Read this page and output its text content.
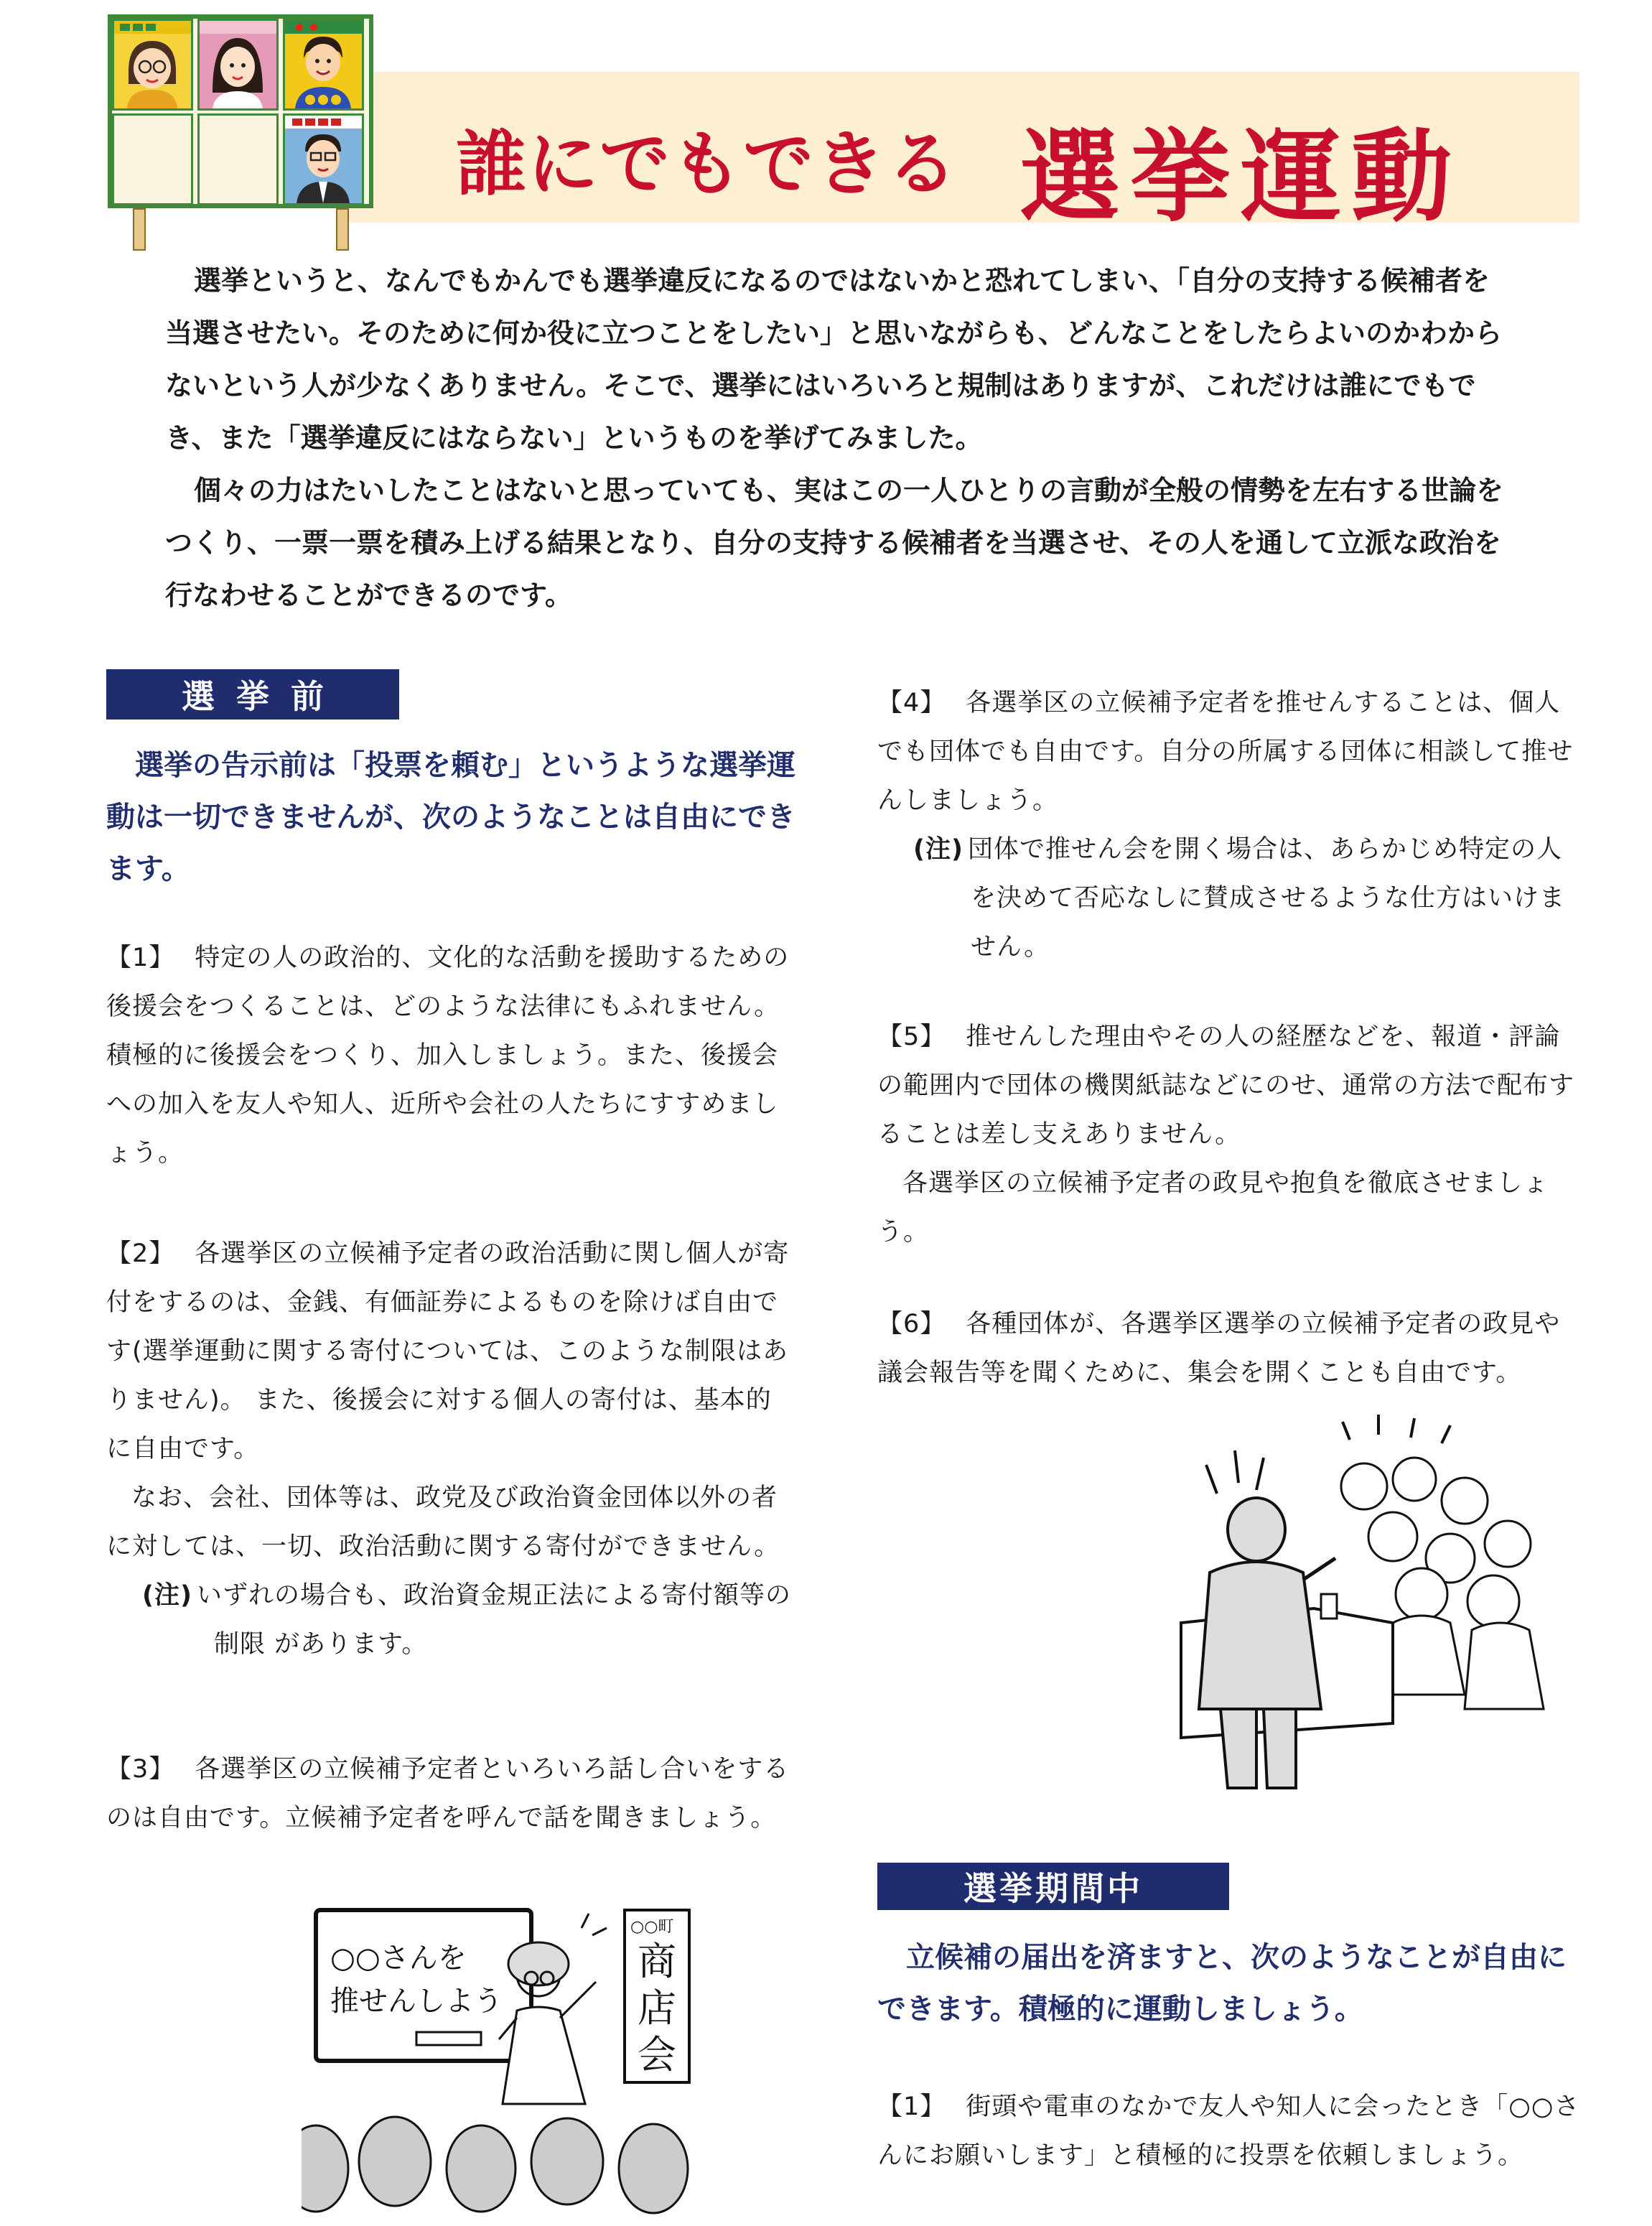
誰にでもできる 選挙運動

選挙というと、なんでもかんでも選挙違反になるのではないかと恐れてしまい、「自分の支持する候補者を当選させたい。そのために何か役に立つことをしたい」と思いながらも、どんなことをしたらよいのかわからないという人が少なくありません。そこで、選挙にはいろいろと規制はありますが、これだけは誰にでもでき、また「選挙違反にはならない」というものを挙げてみました。

個々の力はたいしたことはないと思っていても、実はこの一人ひとりの言動が全般の情勢を左右する世論をつくり、一票一票を積み上げる結果となり、自分の支持する候補者を当選させ、その人を通して立派な政治を行なわせることができるのです。

選挙前

選挙の告示前は「投票を頼む」というような選挙運動は一切できませんが、次のようなことは自由にできます。

【1】 特定の人の政治的、文化的な活動を援助するための後援会をつくることは、どのような法律にもふれません。積極的に後援会をつくり、加入しましょう。また、後援会への加入を友人や知人、近所や会社の人たちにすすめましょう。

【2】 各選挙区の立候補予定者の政治活動に関し個人が寄付をするのは、金銭、有価証券によるものを除けば自由です(選挙運動に関する寄付については、このような制限はありません)。 また、後援会に対する個人の寄付は、基本的に自由です。

なお、会社、団体等は、政党及び政治資金団体以外の者に対しては、一切、政治活動に関する寄付ができません。

(注) いずれの場合も、政治資金規正法による寄付額等の制限 があります。

【3】 各選挙区の立候補予定者といろいろ話し合いをするのは自由です。立候補予定者を呼んで話を聞きましょう。

○○さんを
推せんしよう
○○町
商
店
会

【4】 各選挙区の立候補予定者を推せんすることは、個人でも団体でも自由です。自分の所属する団体に相談して推せんしましょう。

(注) 団体で推せん会を開く場合は、あらかじめ特定の人を決めて否応なしに賛成させるような仕方はいけません。

【5】 推せんした理由やその人の経歴などを、報道・評論の範囲内で団体の機関紙誌などにのせ、通常の方法で配布することは差し支えありません。

各選挙区の立候補予定者の政見や抱負を徹底させましょう。

【6】 各種団体が、各選挙区選挙の立候補予定者の政見や議会報告等を聞くために、集会を開くことも自由です。

選挙期間中

立候補の届出を済ますと、次のようなことが自由にできます。積極的に運動しましょう。

【1】 街頭や電車のなかで友人や知人に会ったとき「○○さんにお願いします」と積極的に投票を依頼しましょう。
